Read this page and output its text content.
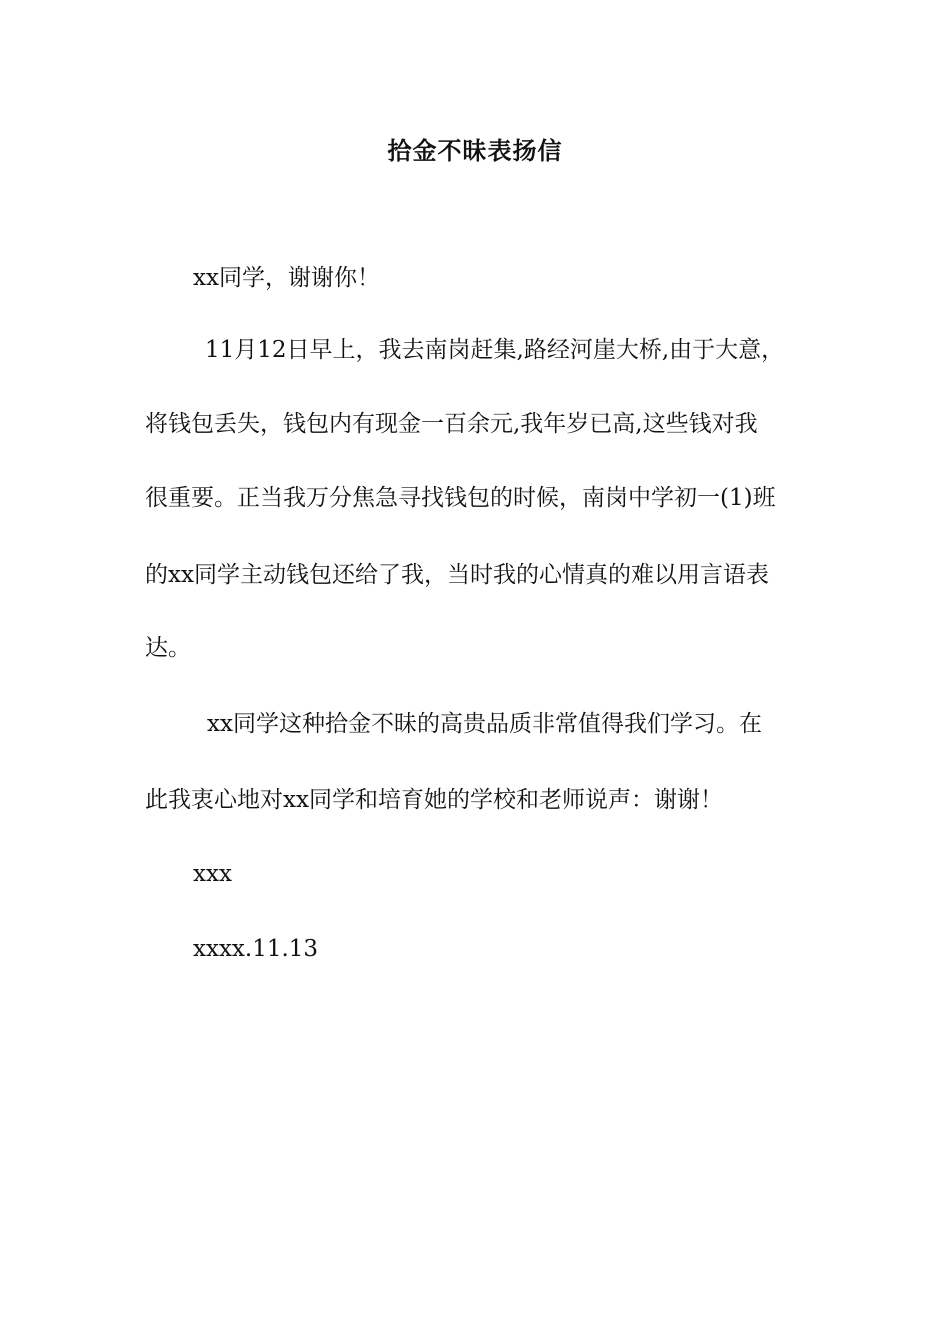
拾金不昧表扬信
xx同学，谢谢你！
11月12日早上，我去南岗赶集,路经河崖大桥,由于大意，
将钱包丢失，钱包内有现金一百余元,我年岁已高,这些钱对我
很重要。正当我万分焦急寻找钱包的时候，南岗中学初一(1)班
的xx同学主动钱包还给了我，当时我的心情真的难以用言语表
达。
xx同学这种拾金不昧的高贵品质非常值得我们学习。在
此我衷心地对xx同学和培育她的学校和老师说声：谢谢！
xxx
xxxx.11.13
